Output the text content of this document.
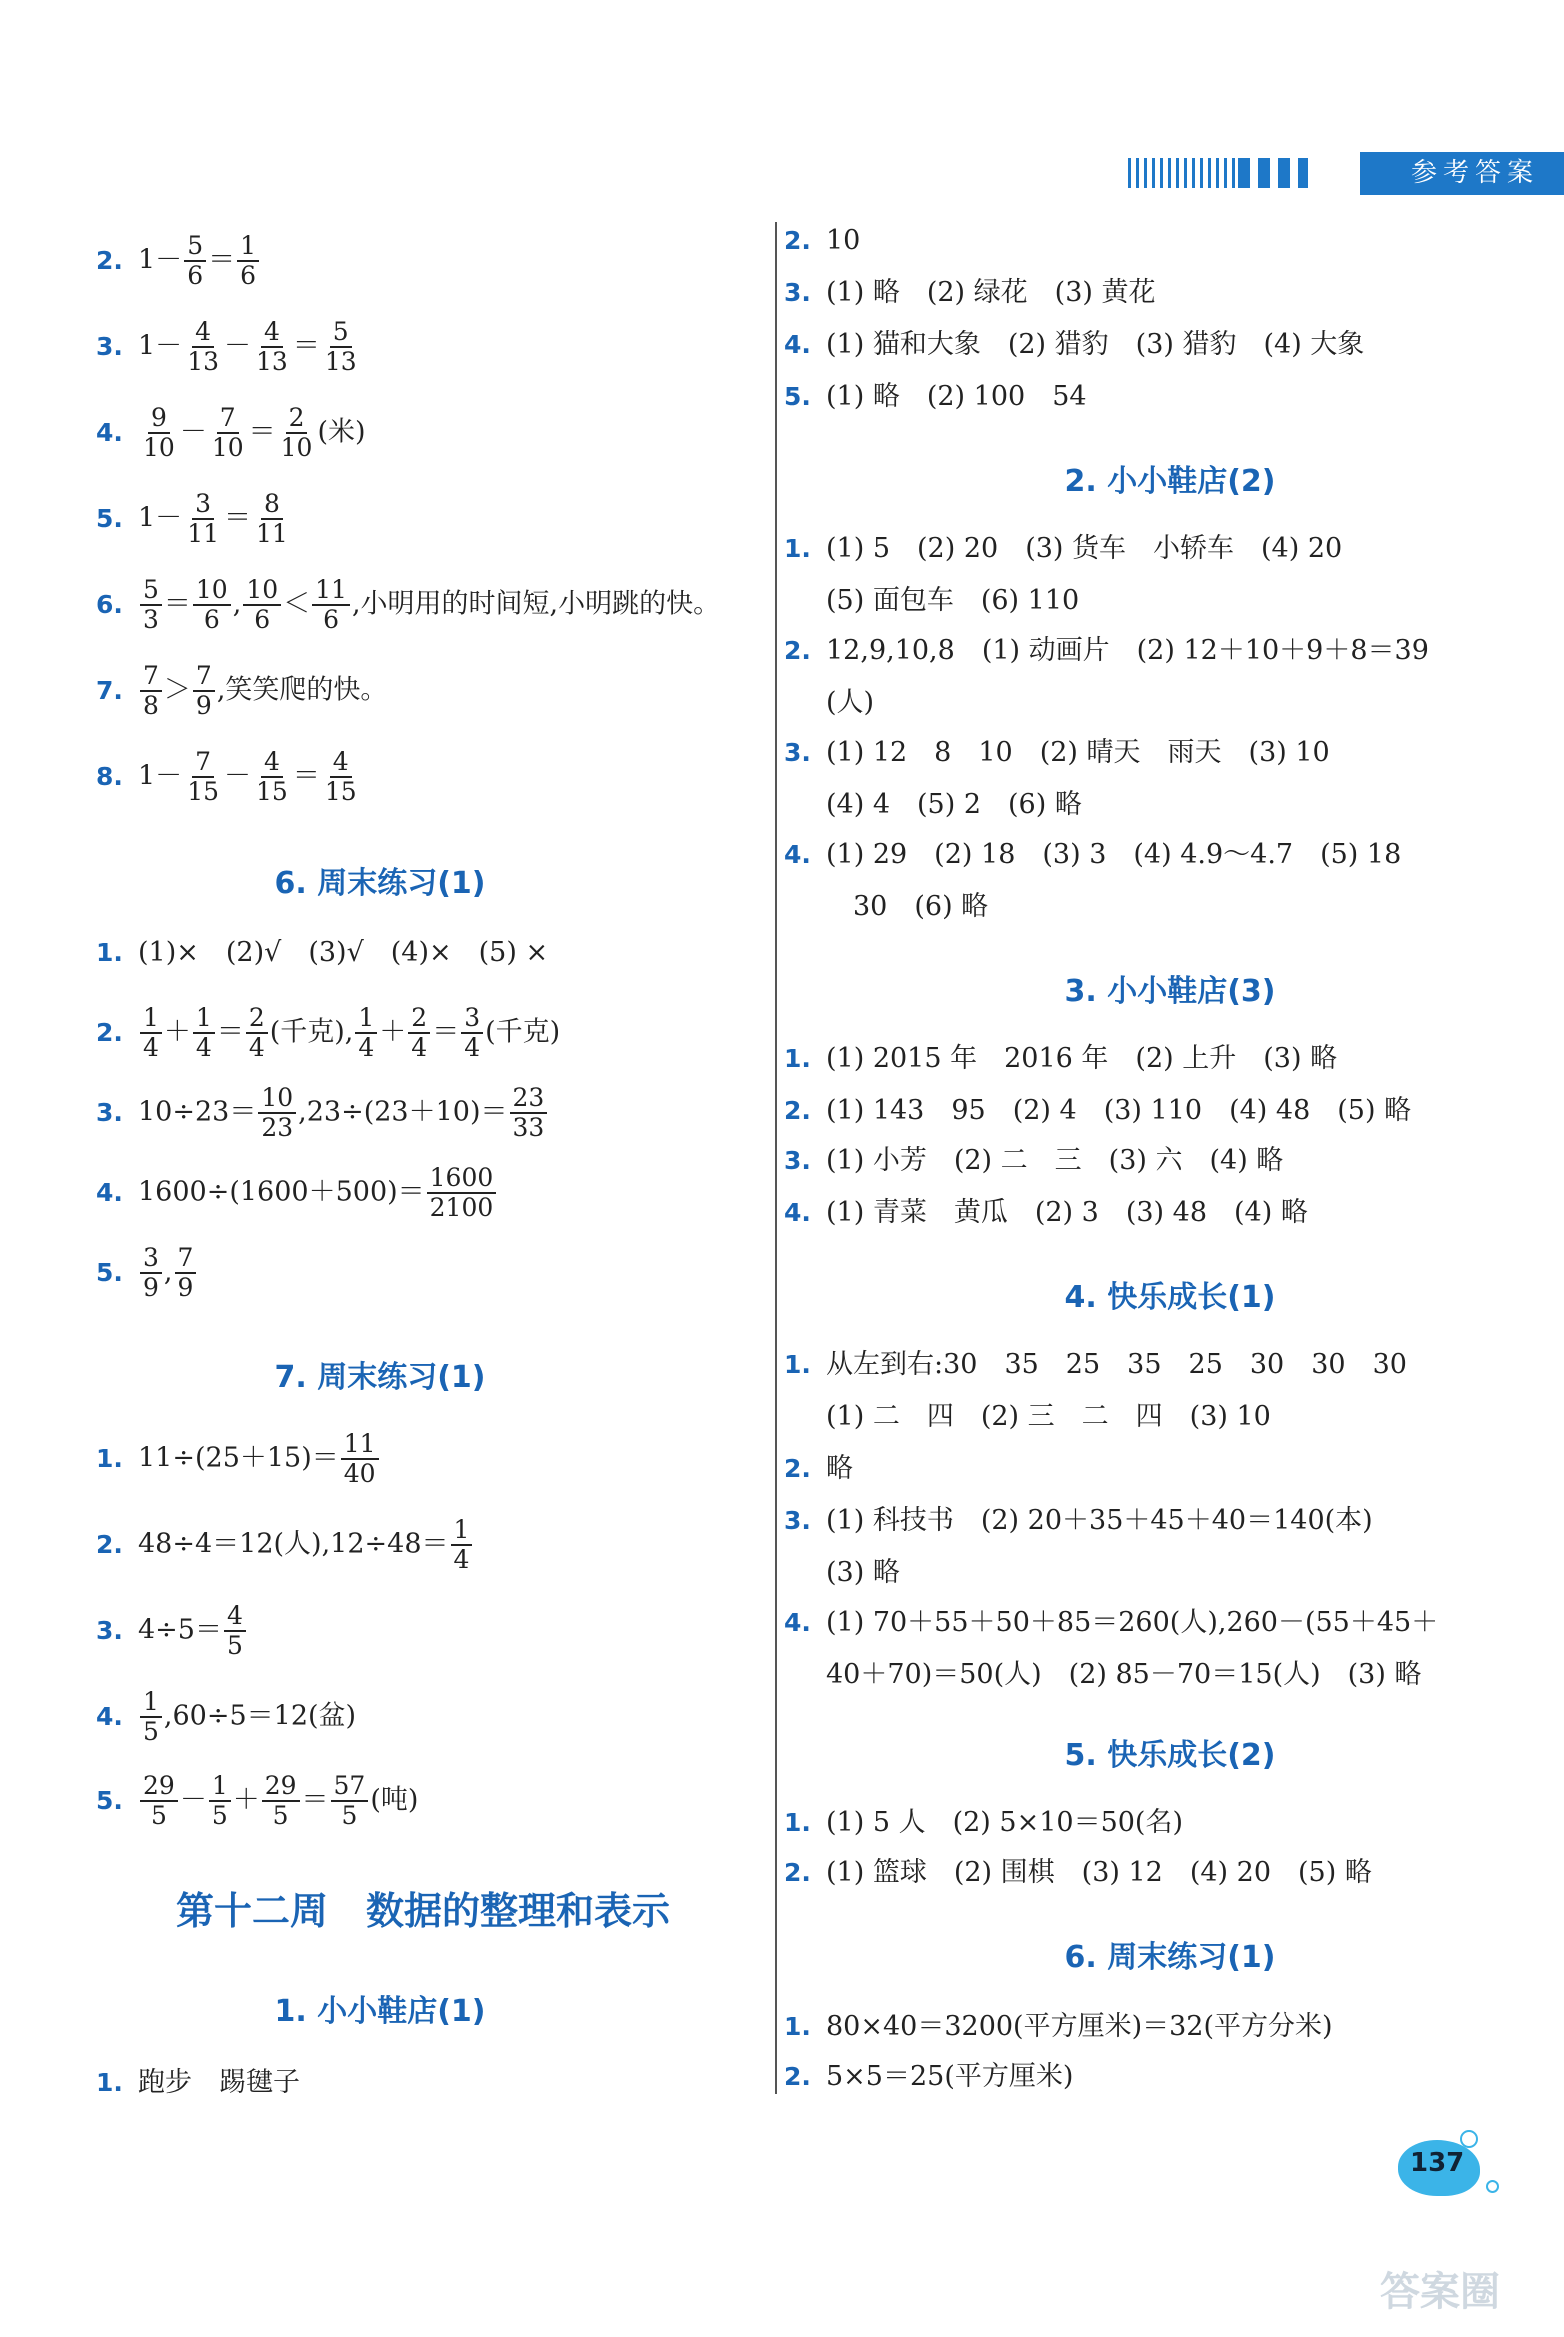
参考答案
2. $1- \frac{5}{6} = \frac{1}{6}$
3. $1- \frac{4}{13} - \frac{4}{13} = \frac{5}{13}$
4. $\frac{9}{10} - \frac{7}{10} = \frac{2}{10}$ (米)
5. $1- \frac{3}{11} = \frac{8}{11}$
6. $\frac{5}{3} = \frac{10}{6}$ , $\frac{10}{6} < \frac{11}{6}$ ,小明用的时间短,小明跳的快。
7. $\frac{7}{8} > \frac{7}{9}$ ,笑笑爬的快。
8. $1- \frac{7}{15} - \frac{4}{15} = \frac{4}{15}$
6. 周末练习(1)
1. (1)×　(2)√　(3)√　(4)×　(5) ×
2. $\frac{1}{4} + \frac{1}{4} = \frac{2}{4}$ (千克), $\frac{1}{4} + \frac{2}{4} = \frac{3}{4}$ (千克)
3. $10\div 23= \frac{10}{23} ,23\div(23+10)= \frac{23}{33}$
4. $1600\div(1600+500)= \frac{1600}{2100}$
5. $\frac{3}{9}$ , $\frac{7}{9}$
7. 周末练习(1)
1. $11\div(25+15)= \frac{11}{40}$
2. 48÷4＝12(人)$,12\div 48= \frac{1}{4}$
3. $4\div 5= \frac{4}{5}$
4. $\frac{1}{5} ,60\div 5=12$(盆)
5. $\frac{29}{5} - \frac{1}{5} + \frac{29}{5} = \frac{57}{5}$ (吨)
第十二周　数据的整理和表示
1. 小小鞋店(1)
1. 跑步　踢毽子
2. 10
3. (1) 略　(2) 绿花　(3) 黄花
4. (1) 猫和大象　(2) 猎豹　(3) 猎豹　(4) 大象
5. (1) 略　(2) 100　54
2. 小小鞋店(2)
1. (1) 5　(2) 20　(3) 货车　小轿车　(4) 20
(5) 面包车　(6) 110
2. 12,9,10,8　(1) 动画片　(2) 12＋10＋9＋8＝39
(人)
3. (1) 12　8　10　(2) 晴天　雨天　(3) 10
(4) 4　(5) 2　(6) 略
4. (1) 29　(2) 18　(3) 3　(4) 4.9～4.7　(5) 18
　30　(6) 略
3. 小小鞋店(3)
1. (1) 2015 年　2016 年　(2) 上升　(3) 略
2. (1) 143　95　(2) 4　(3) 110　(4) 48　(5) 略
3. (1) 小芳　(2) 二　三　(3) 六　(4) 略
4. (1) 青菜　黄瓜　(2) 3　(3) 48　(4) 略
4. 快乐成长(1)
1. 从左到右:30　35　25　35　25　30　30　30
(1) 二　四　(2) 三　二　四　(3) 10
2. 略
3. (1) 科技书　(2) 20＋35＋45＋40＝140(本)
(3) 略
4. (1) 70＋55＋50＋85＝260(人),260－(55＋45＋
40＋70)＝50(人)　(2) 85－70＝15(人)　(3) 略
5. 快乐成长(2)
1. (1) 5 人　(2) 5×10＝50(名)
2. (1) 篮球　(2) 围棋　(3) 12　(4) 20　(5) 略
6. 周末练习(1)
1. 80×40＝3200(平方厘米)＝32(平方分米)
2. 5×5＝25(平方厘米)
137
答案圈
